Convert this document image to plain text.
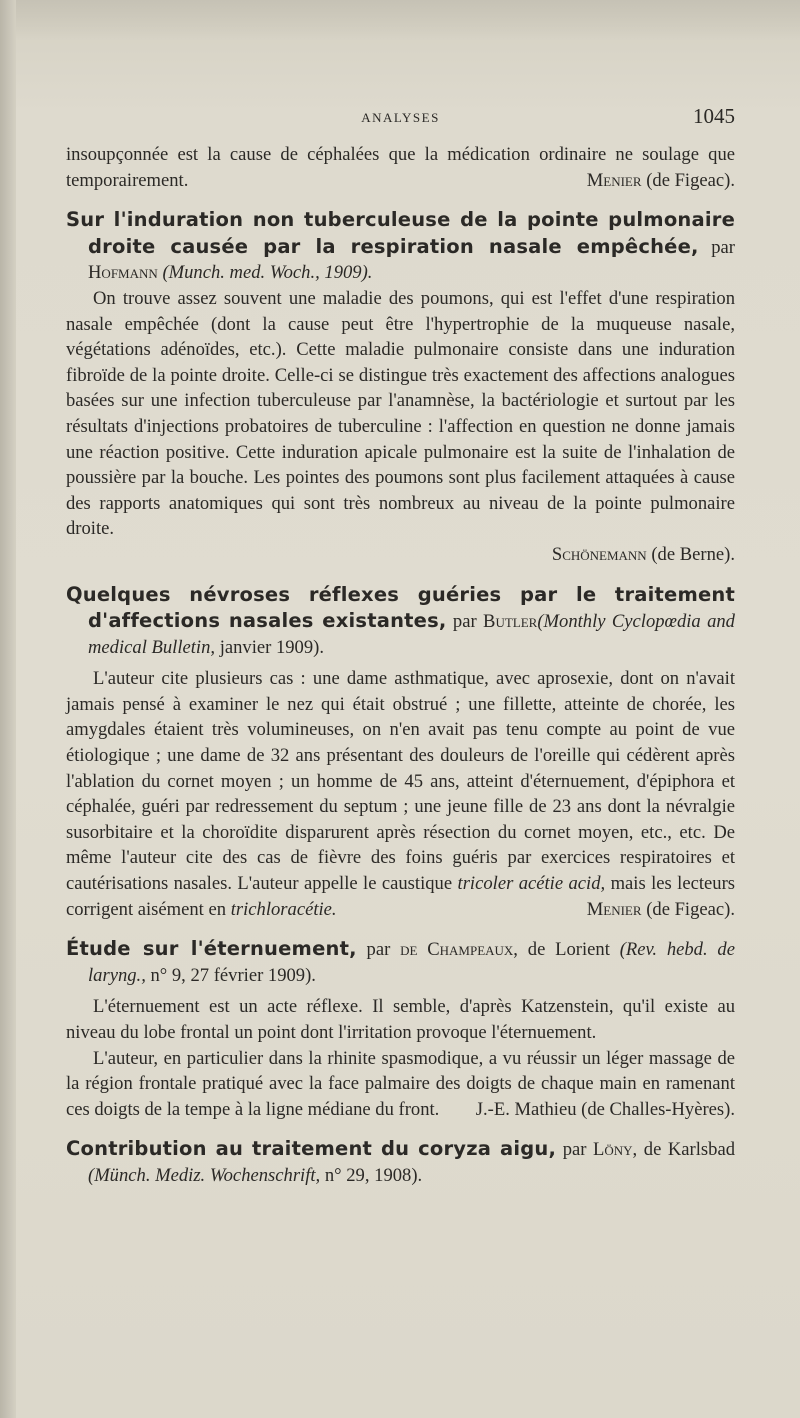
ANALYSES	1045

insoupçonnée est la cause de céphalées que la médication ordinaire ne soulage que temporairement.	Menier (de Figeac).

Sur l'induration non tuberculeuse de la pointe pulmonaire droite causée par la respiration nasale empêchée, par Hofmann (Munch. med. Woch., 1909).

On trouve assez souvent une maladie des poumons, qui est l'effet d'une respiration nasale empêchée (dont la cause peut être l'hypertrophie de la muqueuse nasale, végétations adénoïdes, etc.). Cette maladie pulmonaire consiste dans une induration fibroïde de la pointe droite. Celle-ci se distingue très exactement des affections analogues basées sur une infection tuberculeuse par l'anamnèse, la bactériologie et surtout par les résultats d'injections probatoires de tuberculine : l'affection en question ne donne jamais une réaction positive. Cette induration apicale pulmonaire est la suite de l'inhalation de poussière par la bouche. Les pointes des poumons sont plus facilement attaquées à cause des rapports anatomiques qui sont très nombreux au niveau de la pointe pulmonaire droite.

Schönemann (de Berne).

Quelques névroses réflexes guéries par le traitement d'affections nasales existantes, par Butler(Monthly Cyclopœdia and medical Bulletin, janvier 1909).

L'auteur cite plusieurs cas : une dame asthmatique, avec aprosexie, dont on n'avait jamais pensé à examiner le nez qui était obstrué ; une fillette, atteinte de chorée, les amygdales étaient très volumineuses, on n'en avait pas tenu compte au point de vue étiologique ; une dame de 32 ans présentant des douleurs de l'oreille qui cédèrent après l'ablation du cornet moyen ; un homme de 45 ans, atteint d'éternuement, d'épiphora et céphalée, guéri par redressement du septum ; une jeune fille de 23 ans dont la névralgie susorbitaire et la choroïdite disparurent après résection du cornet moyen, etc., etc. De même l'auteur cite des cas de fièvre des foins guéris par exercices respiratoires et cautérisations nasales. L'auteur appelle le caustique tricoler acétie acid, mais les lecteurs corrigent aisément en trichloracétie.	Menier (de Figeac).

Étude sur l'éternuement, par de Champeaux, de Lorient (Rev. hebd. de laryng., n° 9, 27 février 1909).

L'éternuement est un acte réflexe. Il semble, d'après Katzenstein, qu'il existe au niveau du lobe frontal un point dont l'irritation provoque l'éternuement.

L'auteur, en particulier dans la rhinite spasmodique, a vu réussir un léger massage de la région frontale pratiqué avec la face palmaire des doigts de chaque main en ramenant ces doigts de la tempe à la ligne médiane du front.	J.-E. Mathieu (de Challes-Hyères).

Contribution au traitement du coryza aigu, par Löny, de Karlsbad (Münch. Mediz. Wochenschrift, n° 29, 1908).
